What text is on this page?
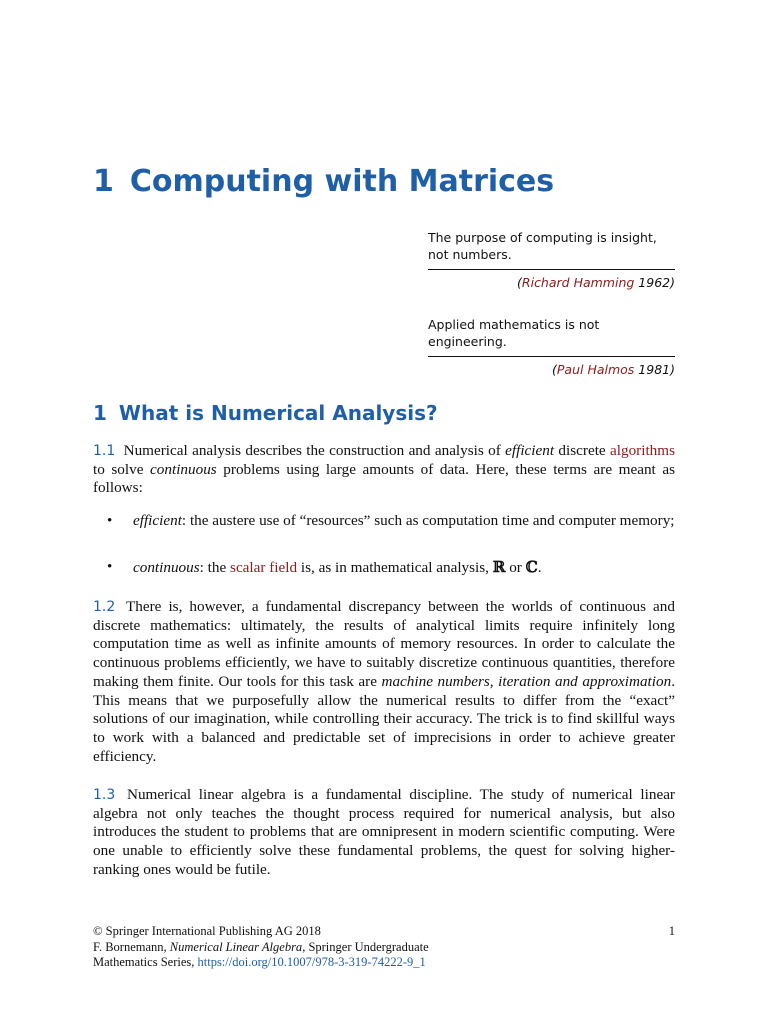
1 Computing with Matrices
The purpose of computing is insight, not numbers.
(Richard Hamming 1962)
Applied mathematics is not engineering.
(Paul Halmos 1981)
1 What is Numerical Analysis?

1.1 Numerical analysis describes the construction and analysis of efficient discrete algorithms to solve continuous problems using large amounts of data. Here, these terms are meant as follows:

• efficient: the austere use of “resources” such as computation time and computer memory;
• continuous: the scalar field is, as in mathematical analysis, ℝ or ℂ.

1.2 There is, however, a fundamental discrepancy between the worlds of continuous and discrete mathematics: ultimately, the results of analytical limits require infinitely long computation time as well as infinite amounts of memory resources. In order to calculate the continuous problems efficiently, we have to suitably discretize continuous quantities, therefore making them finite. Our tools for this task are machine numbers, iteration and approximation. This means that we purposefully allow the numerical results to differ from the “exact” solutions of our imagination, while controlling their accuracy. The trick is to find skillful ways to work with a balanced and predictable set of imprecisions in order to achieve greater efficiency.

1.3 Numerical linear algebra is a fundamental discipline. The study of numerical linear algebra not only teaches the thought process required for numerical analysis, but also introduces the student to problems that are omnipresent in modern scientific computing. Were one unable to efficiently solve these fundamental problems, the quest for solving higher-ranking ones would be futile.

© Springer International Publishing AG 2018
F. Bornemann, Numerical Linear Algebra, Springer Undergraduate
Mathematics Series, https://doi.org/10.1007/978-3-319-74222-9_1
1
